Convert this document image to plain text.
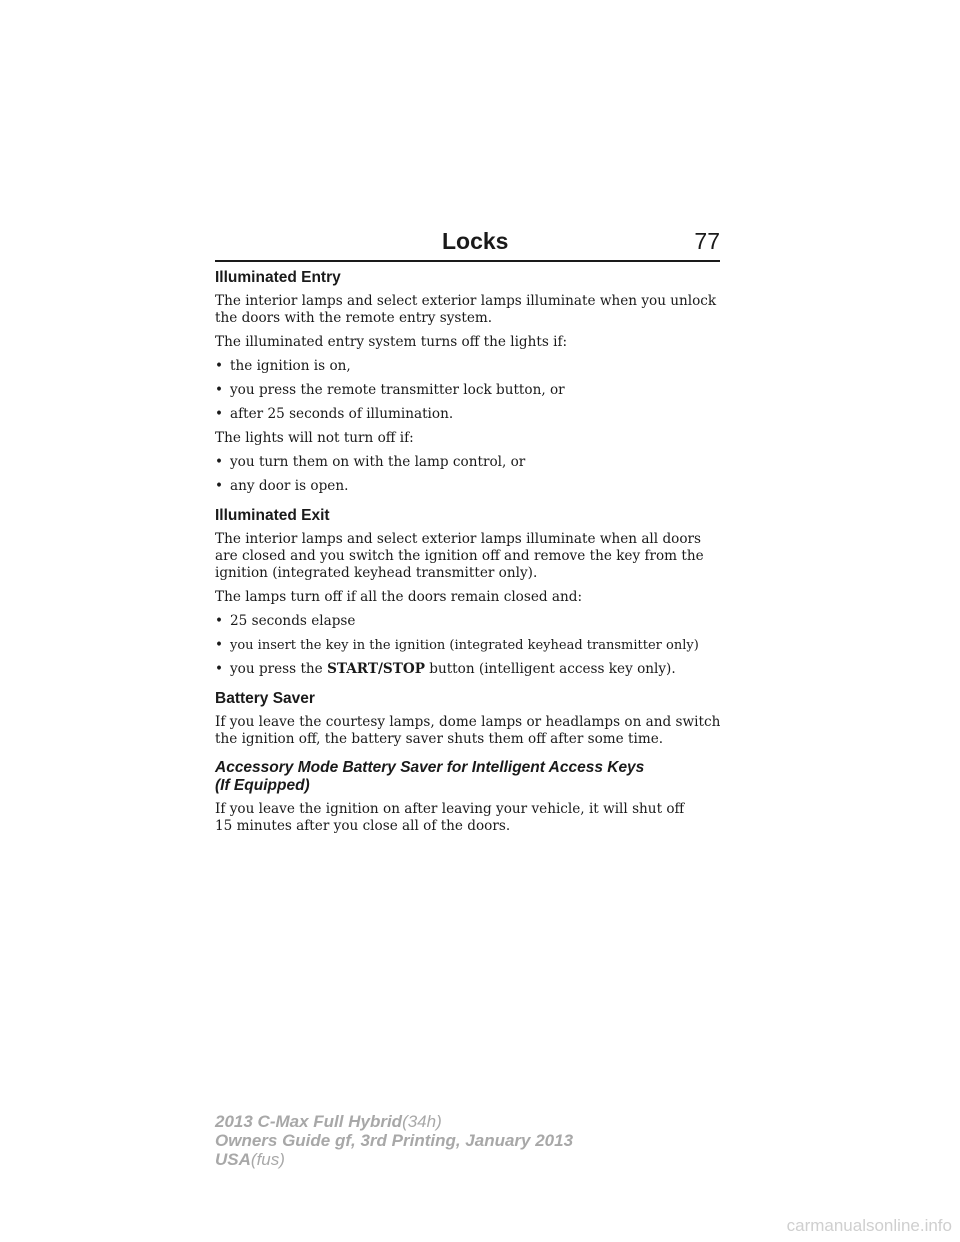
Locks	77
Illuminated Entry
The interior lamps and select exterior lamps illuminate when you unlock
the doors with the remote entry system.
The illuminated entry system turns off the lights if:
• the ignition is on,
• you press the remote transmitter lock button, or
• after 25 seconds of illumination.
The lights will not turn off if:
• you turn them on with the lamp control, or
• any door is open.
Illuminated Exit
The interior lamps and select exterior lamps illuminate when all doors
are closed and you switch the ignition off and remove the key from the
ignition (integrated keyhead transmitter only).
The lamps turn off if all the doors remain closed and:
• 25 seconds elapse
• you insert the key in the ignition (integrated keyhead transmitter only)
• you press the START/STOP button (intelligent access key only).
Battery Saver
If you leave the courtesy lamps, dome lamps or headlamps on and switch
the ignition off, the battery saver shuts them off after some time.
Accessory Mode Battery Saver for Intelligent Access Keys
(If Equipped)
If you leave the ignition on after leaving your vehicle, it will shut off
15 minutes after you close all of the doors.
2013 C-Max Full Hybrid(34h)
Owners Guide gf, 3rd Printing, January 2013
USA(fus)
carmanualsonline.info
